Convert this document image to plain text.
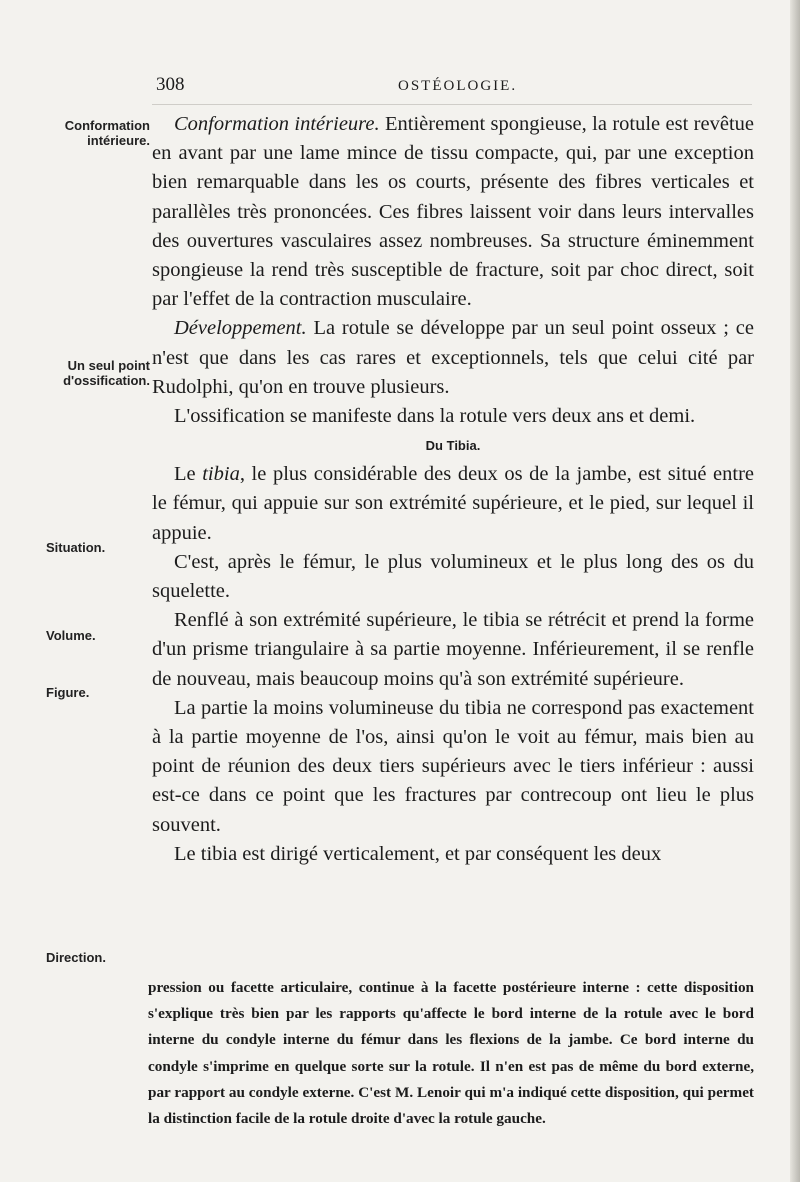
308	OSTÉOLOGIE.
Conformation intérieure.
Un seul point d'ossification.
Situation.
Volume.
Figure.
Direction.

Conformation intérieure. Entièrement spongieuse, la rotule est revêtue en avant par une lame mince de tissu compacte, qui, par une exception bien remarquable dans les os courts, présente des fibres verticales et parallèles très prononcées. Ces fibres laissent voir dans leurs intervalles des ouvertures vasculaires assez nombreuses. Sa structure éminemment spongieuse la rend très susceptible de fracture, soit par choc direct, soit par l'effet de la contraction musculaire.

Développement. La rotule se développe par un seul point osseux ; ce n'est que dans les cas rares et exceptionnels, tels que celui cité par Rudolphi, qu'on en trouve plusieurs.

L'ossification se manifeste dans la rotule vers deux ans et demi.

Du Tibia.

Le tibia, le plus considérable des deux os de la jambe, est situé entre le fémur, qui appuie sur son extrémité supérieure, et le pied, sur lequel il appuie.

C'est, après le fémur, le plus volumineux et le plus long des os du squelette.

Renflé à son extrémité supérieure, le tibia se rétrécit et prend la forme d'un prisme triangulaire à sa partie moyenne. Inférieurement, il se renfle de nouveau, mais beaucoup moins qu'à son extrémité supérieure.

La partie la moins volumineuse du tibia ne correspond pas exactement à la partie moyenne de l'os, ainsi qu'on le voit au fémur, mais bien au point de réunion des deux tiers supérieurs avec le tiers inférieur : aussi est-ce dans ce point que les fractures par contrecoup ont lieu le plus souvent.

Le tibia est dirigé verticalement, et par conséquent les deux

pression ou facette articulaire, continue à la facette postérieure interne : cette disposition s'explique très bien par les rapports qu'affecte le bord interne de la rotule avec le bord interne du condyle interne du fémur dans les flexions de la jambe. Ce bord interne du condyle s'imprime en quelque sorte sur la rotule. Il n'en est pas de même du bord externe, par rapport au condyle externe. C'est M. Lenoir qui m'a indiqué cette disposition, qui permet la distinction facile de la rotule droite d'avec la rotule gauche.
